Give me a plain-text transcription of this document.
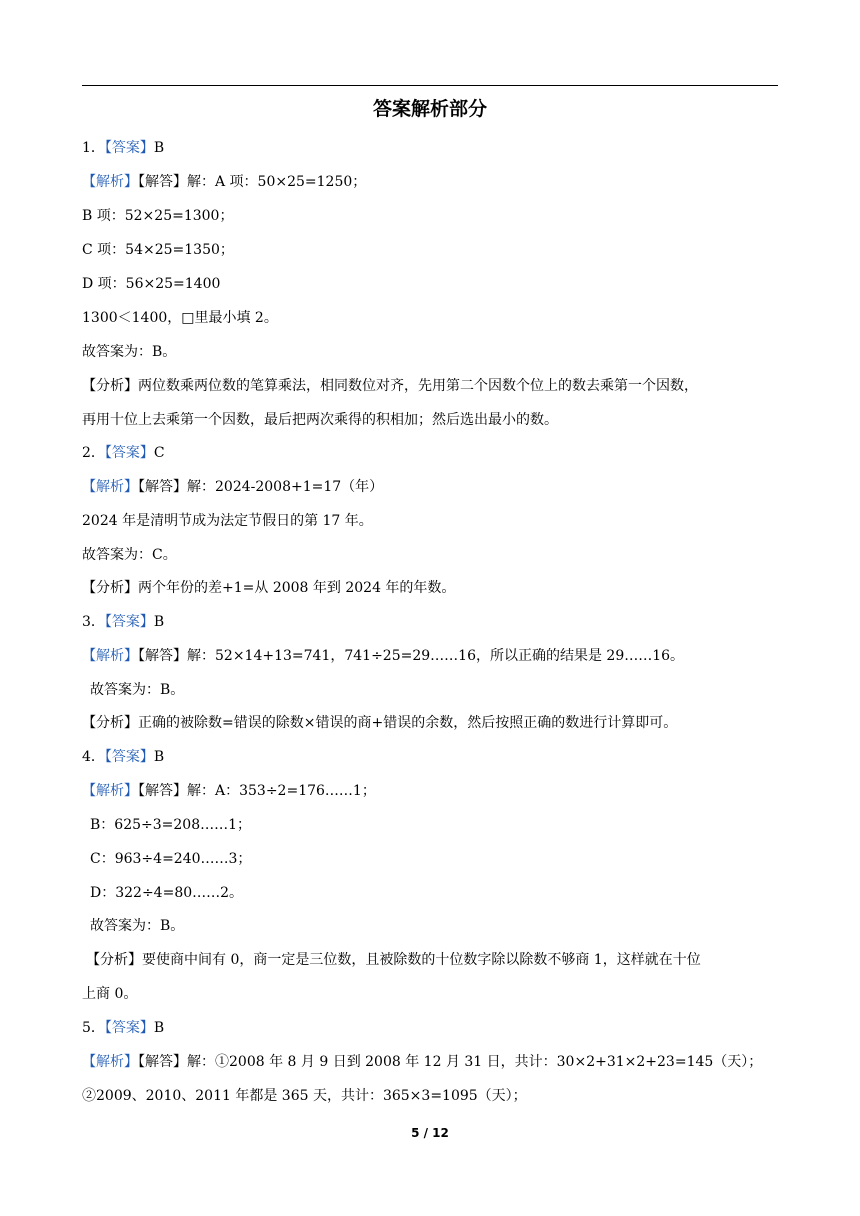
答案解析部分
1．【答案】B
【解析】【解答】解：A 项：50×25=1250；
B 项：52×25=1300；
C 项：54×25=1350；
D 项：56×25=1400
1300＜1400，□里最小填 2。
故答案为：B。
【分析】两位数乘两位数的笔算乘法，相同数位对齐，先用第二个因数个位上的数去乘第一个因数，
再用十位上去乘第一个因数，最后把两次乘得的积相加；然后选出最小的数。
2．【答案】C
【解析】【解答】解：2024-2008+1=17（年）
2024 年是清明节成为法定节假日的第 17 年。
故答案为：C。
【分析】两个年份的差+1=从 2008 年到 2024 年的年数。
3．【答案】B
【解析】【解答】解：52×14+13=741，741÷25=29……16，所以正确的结果是 29……16。
故答案为：B。
【分析】正确的被除数=错误的除数×错误的商+错误的余数，然后按照正确的数进行计算即可。
4．【答案】B
【解析】【解答】解：A：353÷2=176……1；
B：625÷3=208……1；
C：963÷4=240……3；
D：322÷4=80……2。
故答案为：B。
【分析】要使商中间有 0，商一定是三位数，且被除数的十位数字除以除数不够商 1，这样就在十位
上商 0。
5．【答案】B
【解析】【解答】解：①2008 年 8 月 9 日到 2008 年 12 月 31 日，共计：30×2+31×2+23=145（天）；
②2009、2010、2011 年都是 365 天，共计：365×3=1095（天）；
5 / 12
